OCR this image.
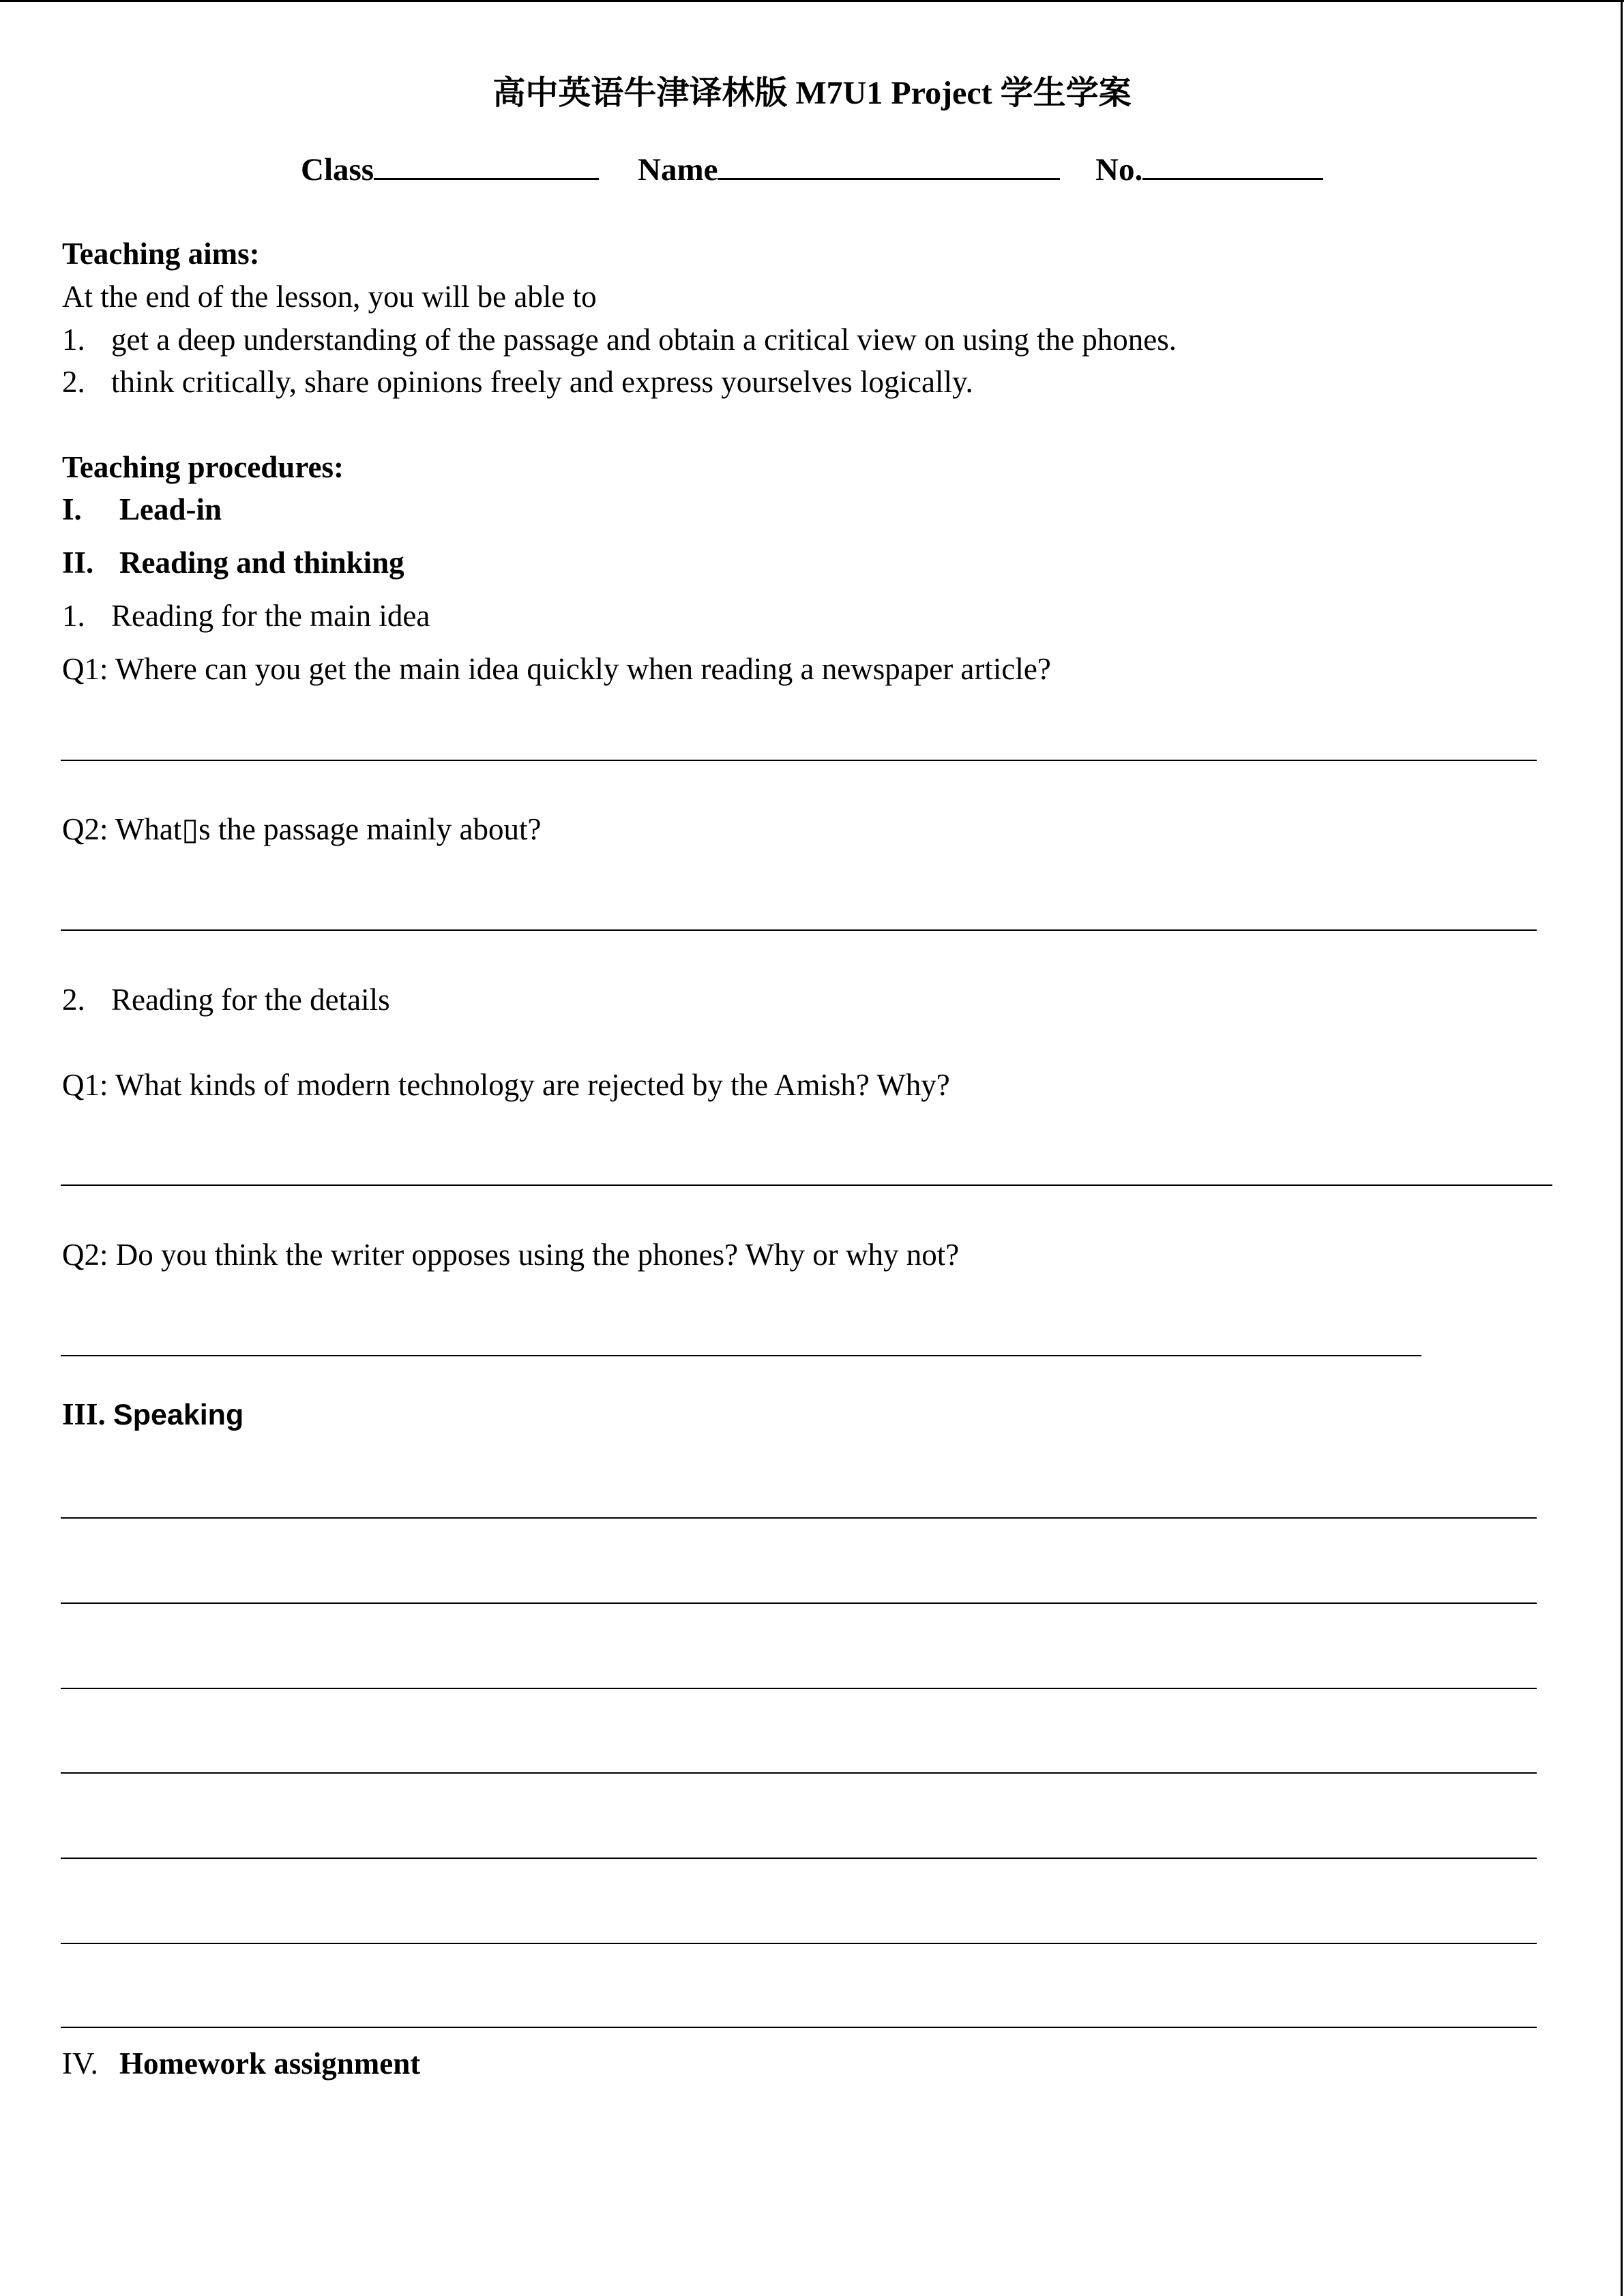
高中英语牛津译林版 M7U1 Project 学生学案
Class	Name	No.
Teaching aims:
At the end of the lesson, you will be able to
1. get a deep understanding of the passage and obtain a critical view on using the phones.
2. think critically, share opinions freely and express yourselves logically.
Teaching procedures:
I. Lead-in
II. Reading and thinking
1. Reading for the main idea
Q1: Where can you get the main idea quickly when reading a newspaper article?
Q2: What▯s the passage mainly about?
2. Reading for the details
Q1: What kinds of modern technology are rejected by the Amish? Why?
Q2: Do you think the writer opposes using the phones? Why or why not?
III. Speaking
IV. Homework assignment
